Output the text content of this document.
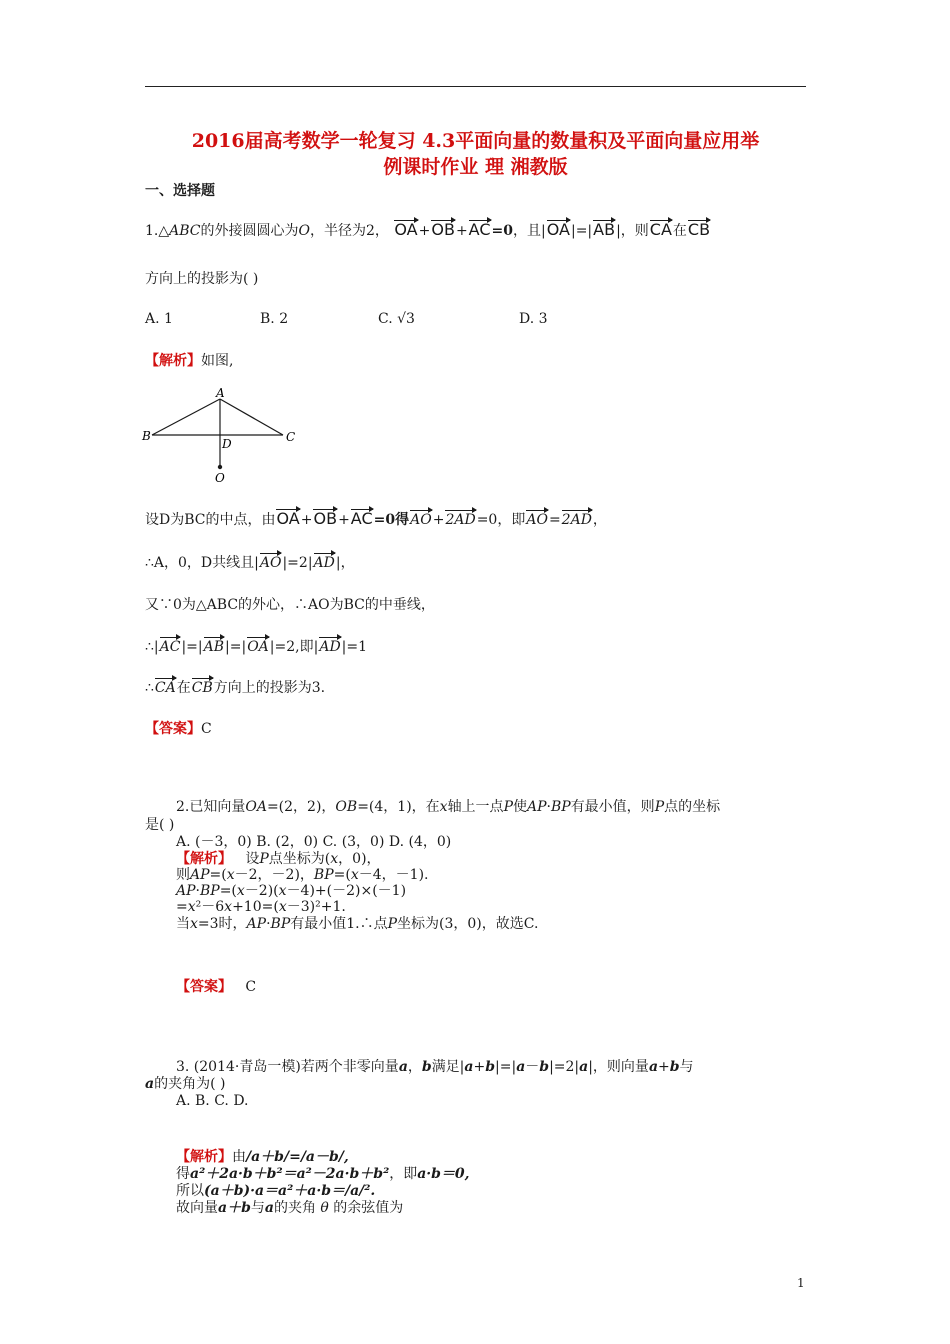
2016届高考数学一轮复习 4.3平面向量的数量积及平面向量应用举
例课时作业 理 湘教版
一、选择题
1.△ABC的外接圆圆心为O，半径为2， OA+OB+AC=0，且|OA|=|AB|，则CA在CB
方向上的投影为( )
A. 1	B. 2	C. √3	D. 3
【解析】如图,
A
B	C
D
O
设D为BC的中点，由OA+OB+AC=0得AO+2AD=0，即AO=2AD，
∴A，0，D共线且|AO|=2|AD|，
又∵0为△ABC的外心，∴AO为BC的中垂线，
∴|AC|=|AB|=|OA|=2,即|AD|=1
∴CA在CB方向上的投影为3.
【答案】C
2.已知向量OA=(2，2)，OB=(4，1)，在x轴上一点P使AP·BP有最小值，则P点的坐标
是( )
A. (－3，0) B. (2，0) C. (3，0) D. (4，0)
【解析】 设P点坐标为(x，0)，
则AP=(x－2，－2)，BP=(x－4，－1).
AP·BP=(x－2)(x－4)+(－2)×(－1)
=x²－6x+10=(x－3)²+1.
当x=3时，AP·BP有最小值1.∴点P坐标为(3，0)，故选C.
【答案】 C
3. (2014·青岛一模)若两个非零向量a，b满足|a+b|=|a－b|=2|a|，则向量a+b与
a的夹角为( )
A. B. C. D.
【解析】由/a＋b/=/a－b/,
得a²＋2a·b＋b²＝a²－2a·b＋b²，即a·b＝0,
所以(a＋b)·a＝a²＋a·b＝/a/².
故向量a＋b与a的夹角 θ 的余弦值为
1
